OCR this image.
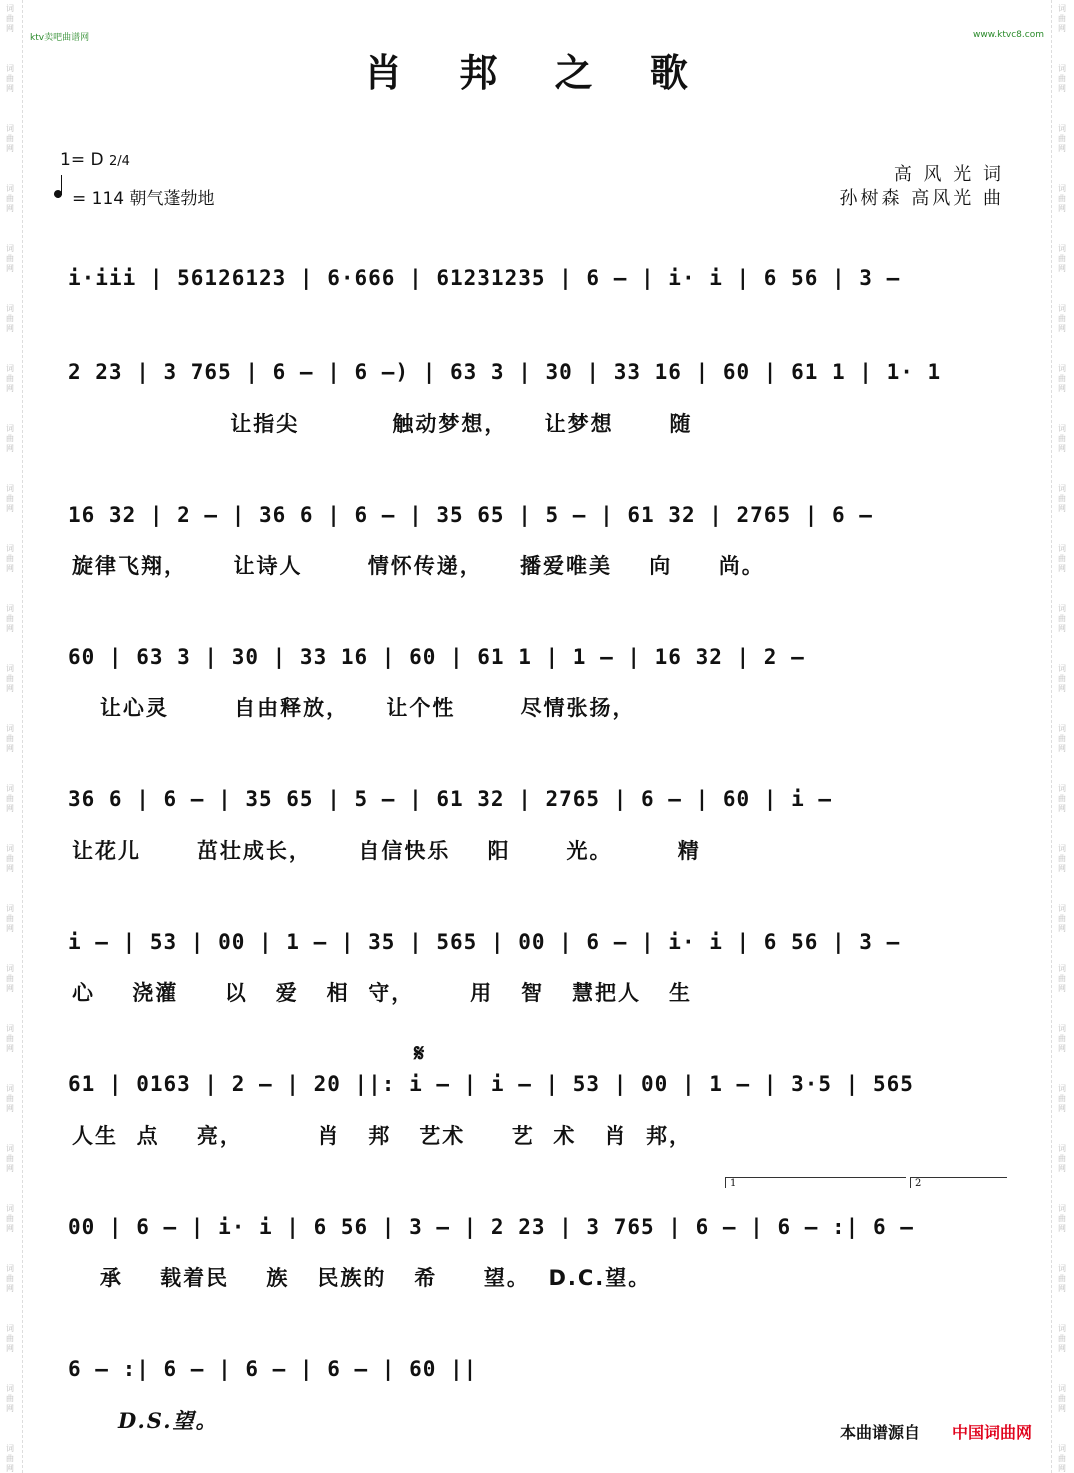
词曲网
词曲网
词曲网
词曲网
词曲网
词曲网
词曲网
词曲网
词曲网
词曲网
词曲网
词曲网
词曲网
词曲网
词曲网
词曲网
词曲网
词曲网
词曲网
词曲网
词曲网
词曲网
词曲网
词曲网
词曲网
词曲网
词曲网
词曲网
词曲网
词曲网
词曲网
词曲网
词曲网
词曲网
词曲网
词曲网
词曲网
词曲网
词曲网
词曲网
词曲网
词曲网
词曲网
词曲网
词曲网
词曲网
词曲网
词曲网
词曲网
词曲网
ktv卖吧曲谱网	www.ktvc8.com
肖 邦 之 歌
1= D 2/4
= 114 朝气蓬勃地
高 风 光 词
孙树森 高风光 曲
i·iii | 56126123 | 6·666 | 61231235 | 6 – | i· i | 6 56 | 3 –
2 23 | 3 765 | 6 – | 6 –) | 63 3 | 30 | 33 16 | 60 | 61 1 | 1· 1
让指尖          触动梦想，    让梦想      随
16 32 | 2 – | 36 6 | 6 – | 35 65 | 5 – | 61 32 | 2765 | 6 –
旋律飞翔，     让诗人       情怀传递，    播爱唯美    向     尚。
60 | 63 3 | 30 | 33 16 | 60 | 61 1 | 1 – | 16 32 | 2 –
让心灵       自由释放，    让个性       尽情张扬，
36 6 | 6 – | 35 65 | 5 – | 61 32 | 2765 | 6 – | 60 | i –
让花儿      茁壮成长，     自信快乐    阳      光。       精
i – | 53 | 00 | 1 – | 35 | 565 | 00 | 6 – | i· i | 6 56 | 3 –
心    浇灌     以   爱   相  守，      用   智   慧把人   生
𝄋
61 | 0163 | 2 – | 20 ||: i – | i – | 53 | 00 | 1 – | 3·5 | 565
人生  点    亮，        肖   邦   艺术     艺  术   肖  邦，
1	2
00 | 6 – | i· i | 6 56 | 3 – | 2 23 | 3 765 | 6 – | 6 – :| 6 –
承    载着民    族   民族的   希     望。  D.C.望。
6 – :| 6 – | 6 – | 6 – | 60 ||
D.S.望。	本曲谱源自 中国词曲网
